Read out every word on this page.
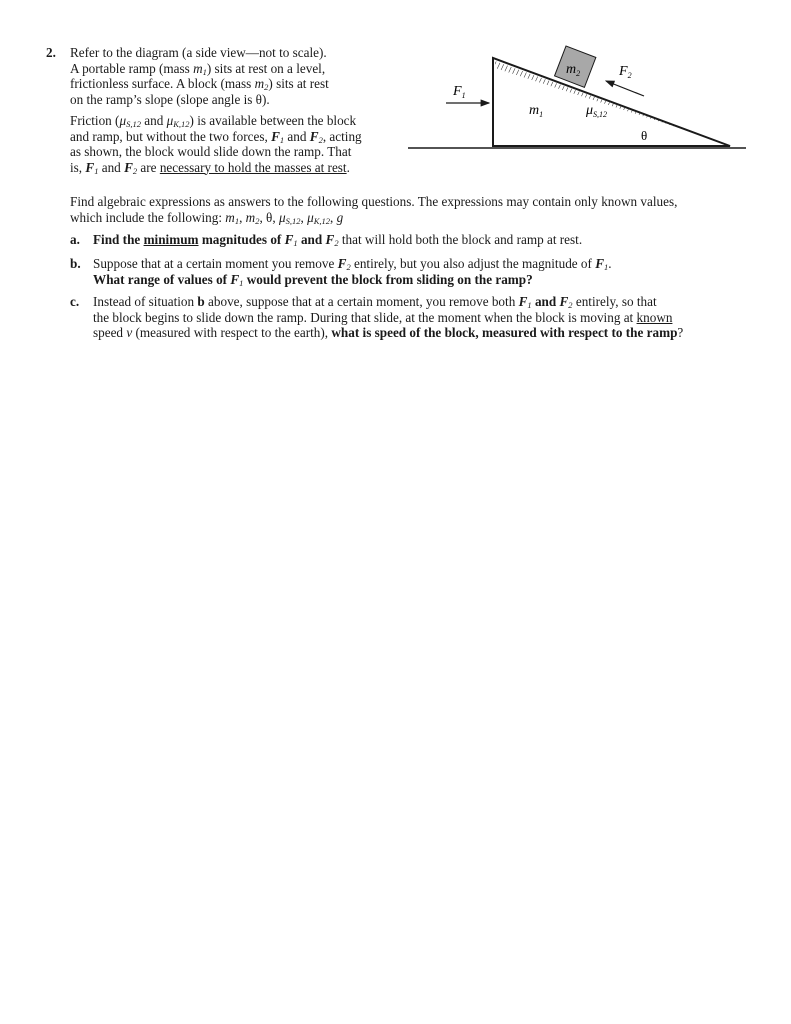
2. Refer to the diagram (a side view—not to scale).
A portable ramp (mass $m_1$) sits at rest on a level,
frictionless surface. A block (mass $m_2$) sits at rest
on the ramp’s slope (slope angle is θ).

Friction ($\mu_{S,12}$ and $\mu_{K,12}$) is available between the block
and ramp, but without the two forces, $F_1$ and $F_2$, acting
as shown, the block would slide down the ramp. That
is, $F_1$ and $F_2$ are necessary to hold the masses at rest.

$m_2$	$F_2$
$F_1$
$m_1$	$\mu_{S,12}$
θ

Find algebraic expressions as answers to the following questions. The expressions may contain only known values,
which include the following: $m_1$, $m_2$, θ, $\mu_{S,12}$, $\mu_{K,12}$, g

a. Find the minimum magnitudes of $F_1$ and $F_2$ that will hold both the block and ramp at rest.

b. Suppose that at a certain moment you remove $F_2$ entirely, but you also adjust the magnitude of $F_1$.
What range of values of $F_1$ would prevent the block from sliding on the ramp?

c. Instead of situation b above, suppose that at a certain moment, you remove both $F_1$ and $F_2$ entirely, so that
the block begins to slide down the ramp. During that slide, at the moment when the block is moving at known
speed v (measured with respect to the earth), what is speed of the block, measured with respect to the ramp?
